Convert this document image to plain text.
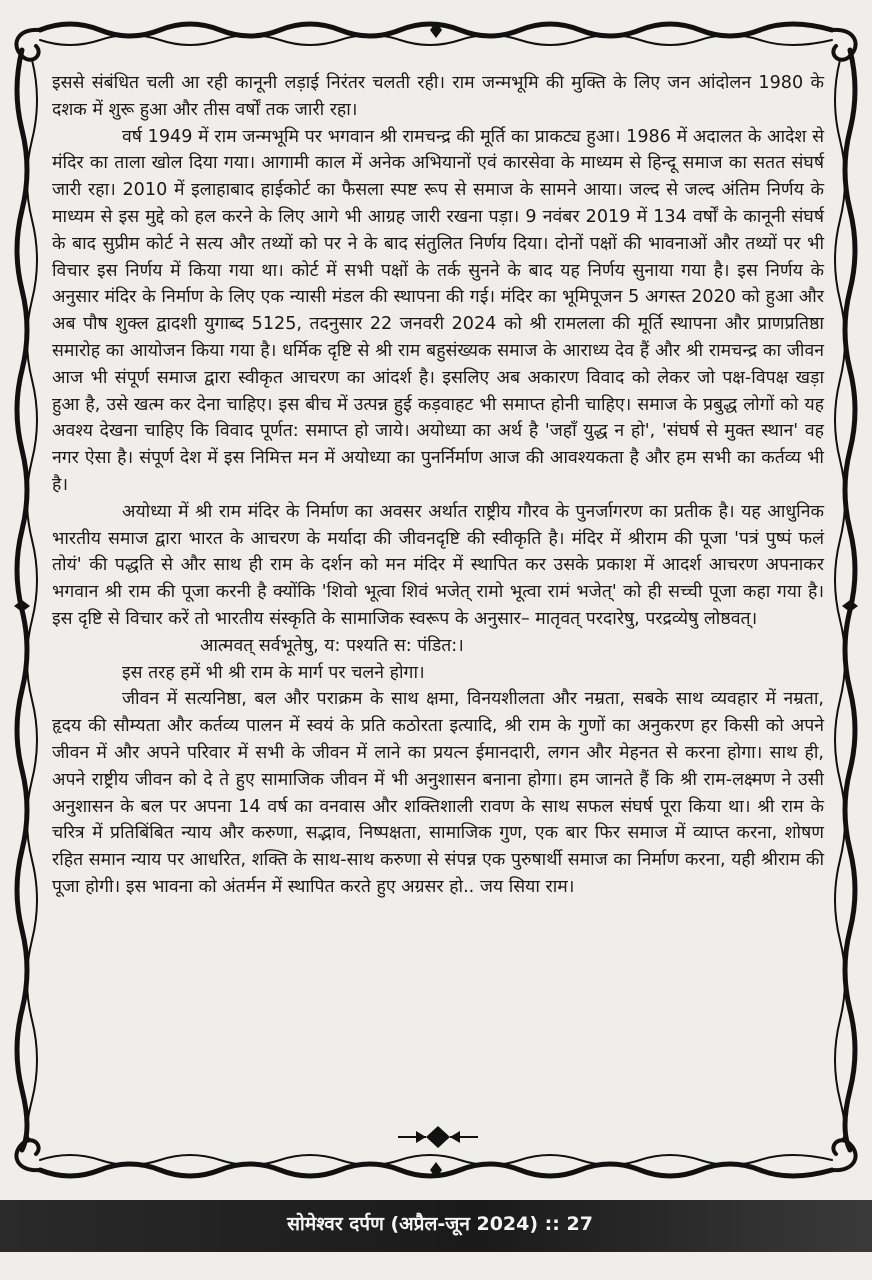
इससे संबंधित चली आ रही कानूनी लड़ाई निरंतर चलती रही। राम जन्मभूमि की मुक्ति के लिए जन आंदोलन 1980 के दशक में शुरू हुआ और तीस वर्षों तक जारी रहा।

वर्ष 1949 में राम जन्मभूमि पर भगवान श्री रामचन्द्र की मूर्ति का प्राकट्य हुआ। 1986 में अदालत के आदेश से मंदिर का ताला खोल दिया गया। आगामी काल में अनेक अभियानों एवं कारसेवा के माध्यम से हिन्दू समाज का सतत संघर्ष जारी रहा। 2010 में इलाहाबाद हाईकोर्ट का फैसला स्पष्ट रूप से समाज के सामने आया। जल्द से जल्द अंतिम निर्णय के माध्यम से इस मुद्दे को हल करने के लिए आगे भी आग्रह जारी रखना पड़ा। 9 नवंबर 2019 में 134 वर्षों के कानूनी संघर्ष के बाद सुप्रीम कोर्ट ने सत्य और तथ्यों को पर ने के बाद संतुलित निर्णय दिया। दोनों पक्षों की भावनाओं और तथ्यों पर भी विचार इस निर्णय में किया गया था। कोर्ट में सभी पक्षों के तर्क सुनने के बाद यह निर्णय सुनाया गया है। इस निर्णय के अनुसार मंदिर के निर्माण के लिए एक न्यासी मंडल की स्थापना की गई। मंदिर का भूमिपूजन 5 अगस्त 2020 को हुआ और अब पौष शुक्ल द्वादशी युगाब्द 5125, तदनुसार 22 जनवरी 2024 को श्री रामलला की मूर्ति स्थापना और प्राणप्रतिष्ठा समारोह का आयोजन किया गया है। धर्मिक दृष्टि से श्री राम बहुसंख्यक समाज के आराध्य देव हैं और श्री रामचन्द्र का जीवन आज भी संपूर्ण समाज द्वारा स्वीकृत आचरण का आंदर्श है। इसलिए अब अकारण विवाद को लेकर जो पक्ष-विपक्ष खड़ा हुआ है, उसे खत्म कर देना चाहिए। इस बीच में उत्पन्न हुई कड़वाहट भी समाप्त होनी चाहिए। समाज के प्रबुद्ध लोगों को यह अवश्य देखना चाहिए कि विवाद पूर्णत: समाप्त हो जाये। अयोध्या का अर्थ है 'जहाँ युद्ध न हो', 'संघर्ष से मुक्त स्थान' वह नगर ऐसा है। संपूर्ण देश में इस निमित्त मन में अयोध्या का पुनर्निर्माण आज की आवश्यकता है और हम सभी का कर्तव्य भी है।

अयोध्या में श्री राम मंदिर के निर्माण का अवसर अर्थात राष्ट्रीय गौरव के पुनर्जागरण का प्रतीक है। यह आधुनिक भारतीय समाज द्वारा भारत के आचरण के मर्यादा की जीवनदृष्टि की स्वीकृति है। मंदिर में श्रीराम की पूजा 'पत्रं पुष्पं फलं तोयं' की पद्धति से और साथ ही राम के दर्शन को मन मंदिर में स्थापित कर उसके प्रकाश में आदर्श आचरण अपनाकर भगवान श्री राम की पूजा करनी है क्योंकि 'शिवो भूत्वा शिवं भजेत् रामो भूत्वा रामं भजेत्' को ही सच्ची पूजा कहा गया है। इस दृष्टि से विचार करें तो भारतीय संस्कृति के सामाजिक स्वरूप के अनुसार– मातृवत् परदारेषु, परद्रव्येषु लोष्ठवत्।

आत्मवत् सर्वभूतेषु, य: पश्यति स: पंडित:।

इस तरह हमें भी श्री राम के मार्ग पर चलने होगा।

जीवन में सत्यनिष्ठा, बल और पराक्रम के साथ क्षमा, विनयशीलता और नम्रता, सबके साथ व्यवहार में नम्रता, हृदय की सौम्यता और कर्तव्य पालन में स्वयं के प्रति कठोरता इत्यादि, श्री राम के गुणों का अनुकरण हर किसी को अपने जीवन में और अपने परिवार में सभी के जीवन में लाने का प्रयत्न ईमानदारी, लगन और मेहनत से करना होगा। साथ ही, अपने राष्ट्रीय जीवन को दे ते हुए सामाजिक जीवन में भी अनुशासन बनाना होगा। हम जानते हैं कि श्री राम-लक्ष्मण ने उसी अनुशासन के बल पर अपना 14 वर्ष का वनवास और शक्तिशाली रावण के साथ सफल संघर्ष पूरा किया था। श्री राम के चरित्र में प्रतिबिंबित न्याय और करुणा, सद्भाव, निष्पक्षता, सामाजिक गुण, एक बार फिर समाज में व्याप्त करना, शोषण रहित समान न्याय पर आधरित, शक्ति के साथ-साथ करुणा से संपन्न एक पुरुषार्थी समाज का निर्माण करना, यही श्रीराम की पूजा होगी। इस भावना को अंतर्मन में स्थापित करते हुए अग्रसर हो.. जय सिया राम।

सोमेश्वर दर्पण (अप्रैल-जून 2024) :: 27
